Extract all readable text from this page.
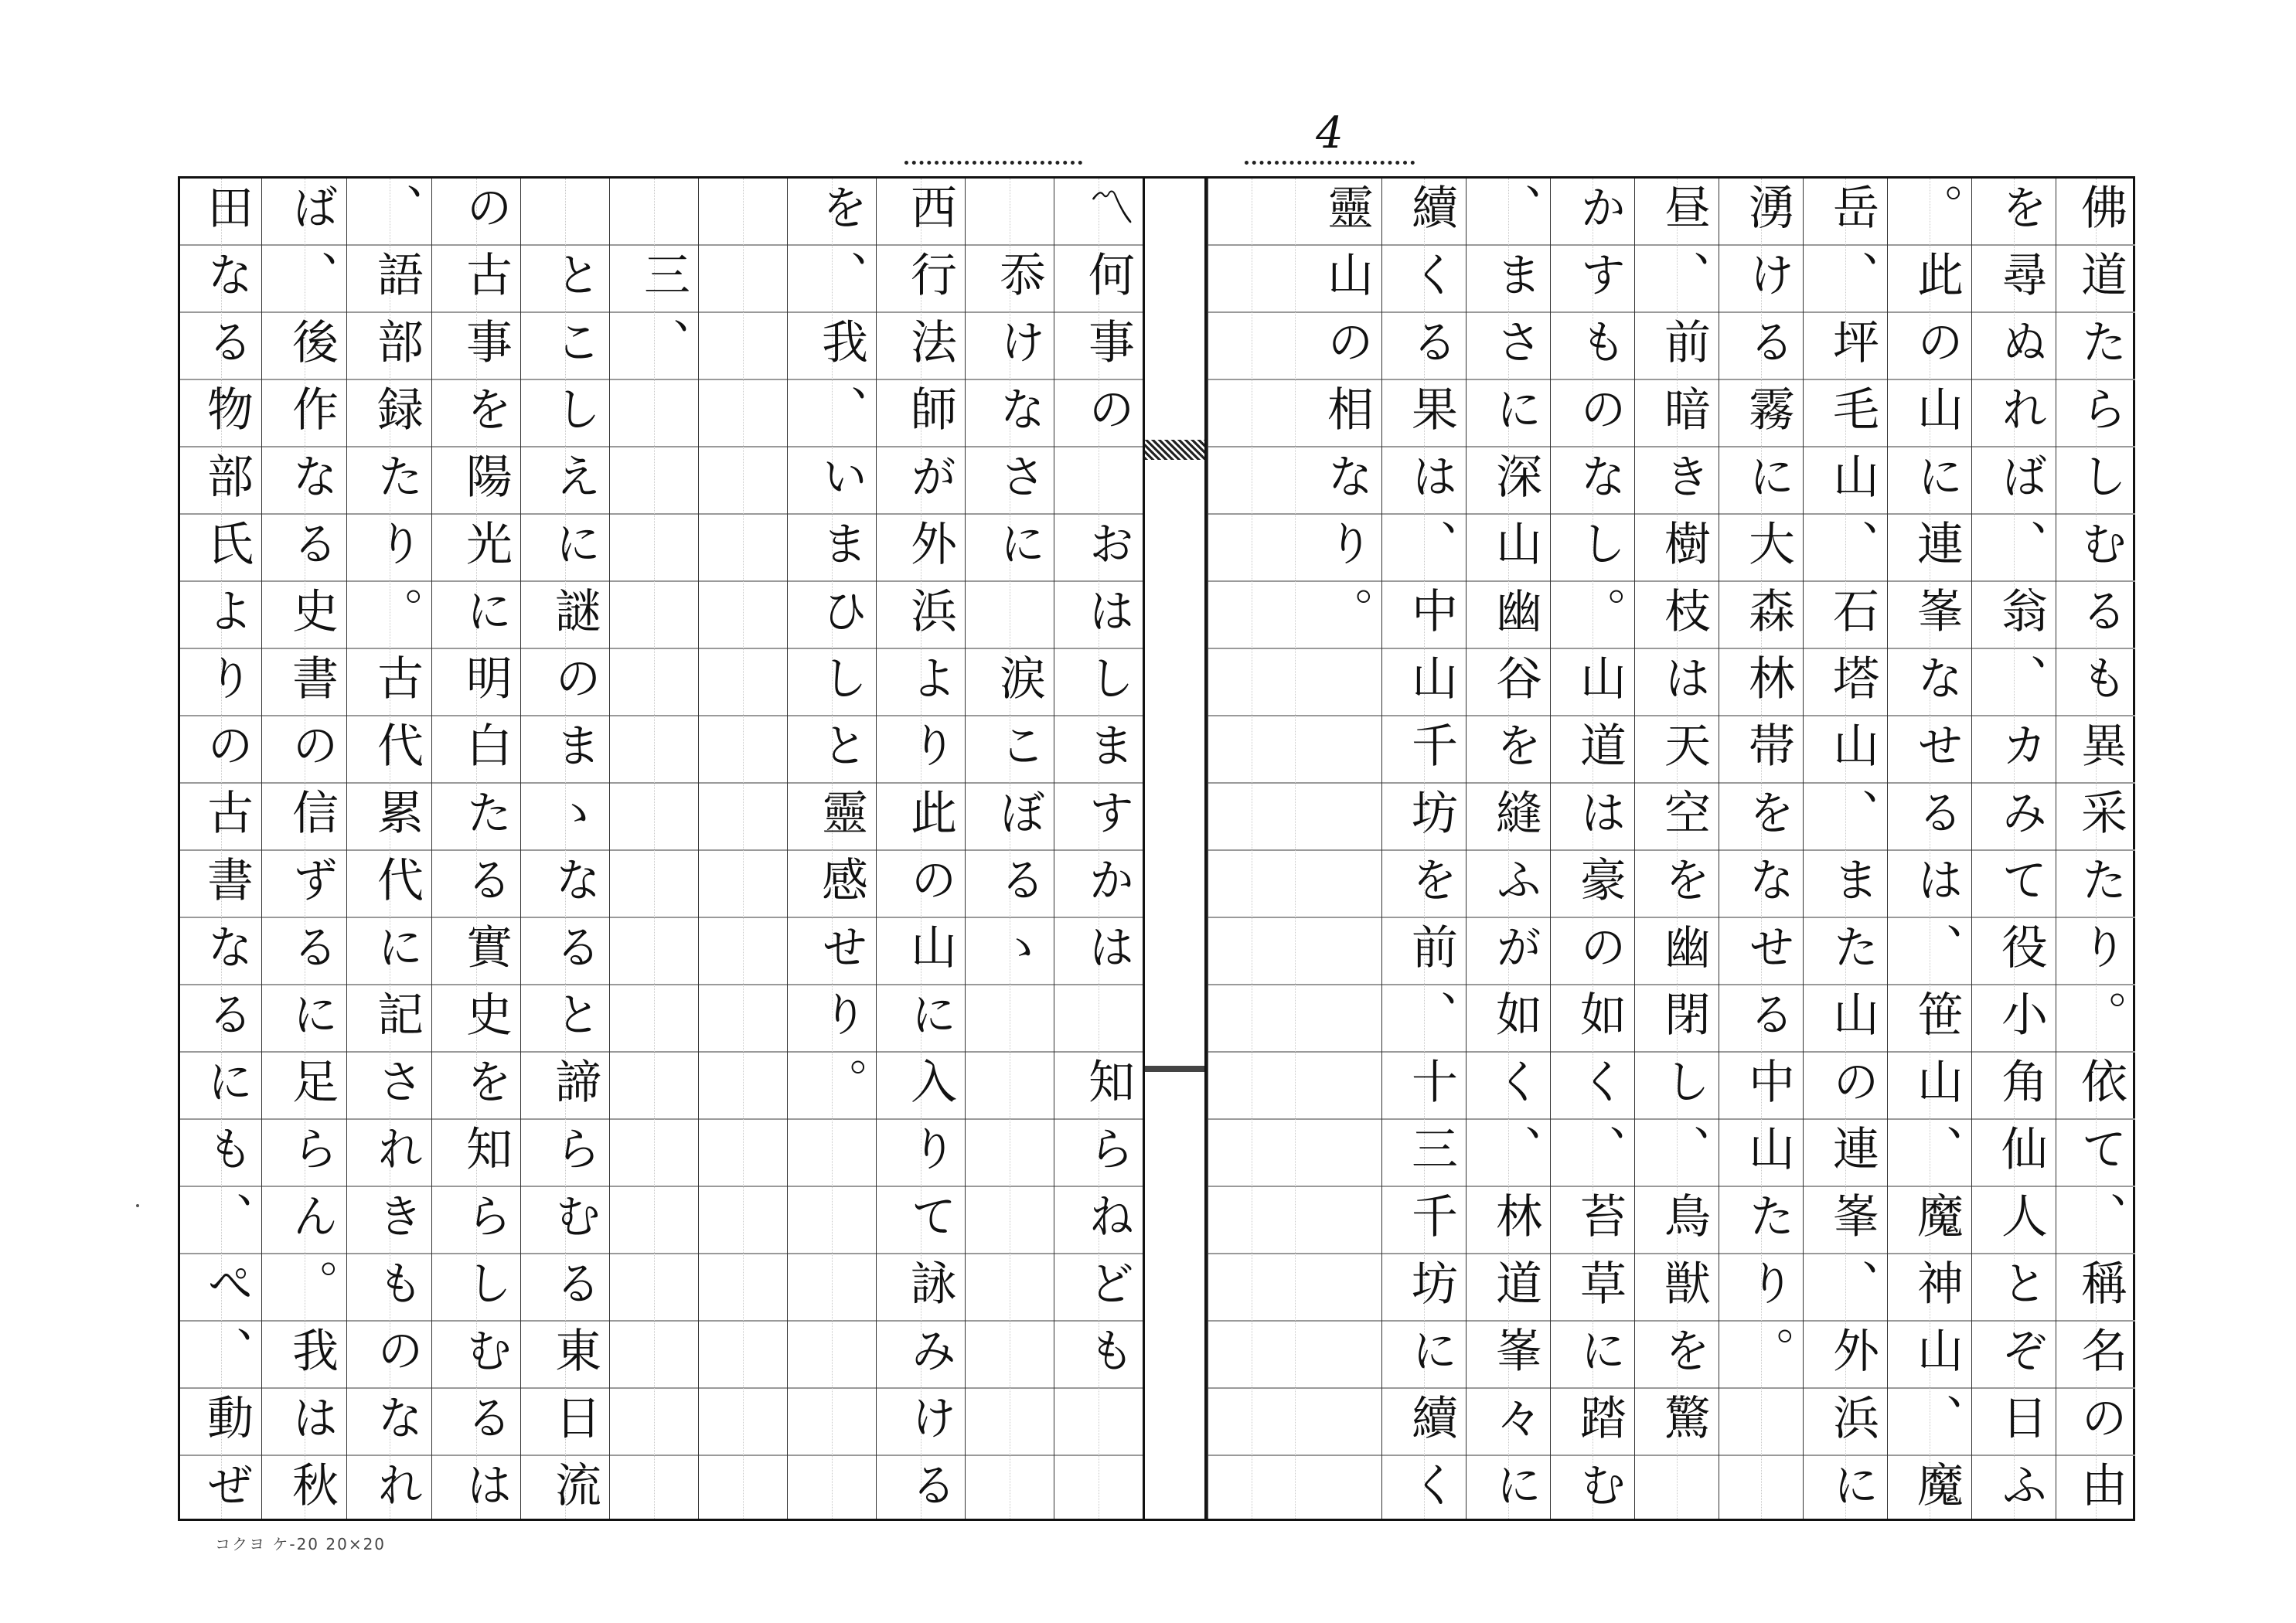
4
佛道たらしむるも異采たり。依て、稱名の由
を尋ぬれば、翁、カみて役小角仙人とぞ日ふ
。此の山に連峯なせるは、笹山、魔神山、魔
岳、坪毛山、石塔山、また山の連峯、外浜に
湧ける霧に大森林帯をなせる中山たり。
昼、前暗き樹枝は天空を幽閉し、鳥獣を驚
かすものなし。山道は豪の如く、苔草に踏む
、まさに深山幽谷を縫ふが如く、林道峯々に
續くる果は、中山千坊を前、十三千坊に續く
靈山の相なり。
〽何事の　おはしますかは　知らねども
　忝けなさに　涙こぼるゝ
西行法師が外浜より此の山に入りて詠みける
を、我、いまひしと靈感せり。
　三、
　とこしえに謎のまゝなると諦らむる東日流
の古事を陽光に明白たる實史を知らしむるは
、語部録たり。古代累代に記されきものなれ
ば、後作なる史書の信ずるに足らん。我は秋
田なる物部氏よりの古書なるにも、ぺ、動ぜ
コクヨ ケ-20 20×20
